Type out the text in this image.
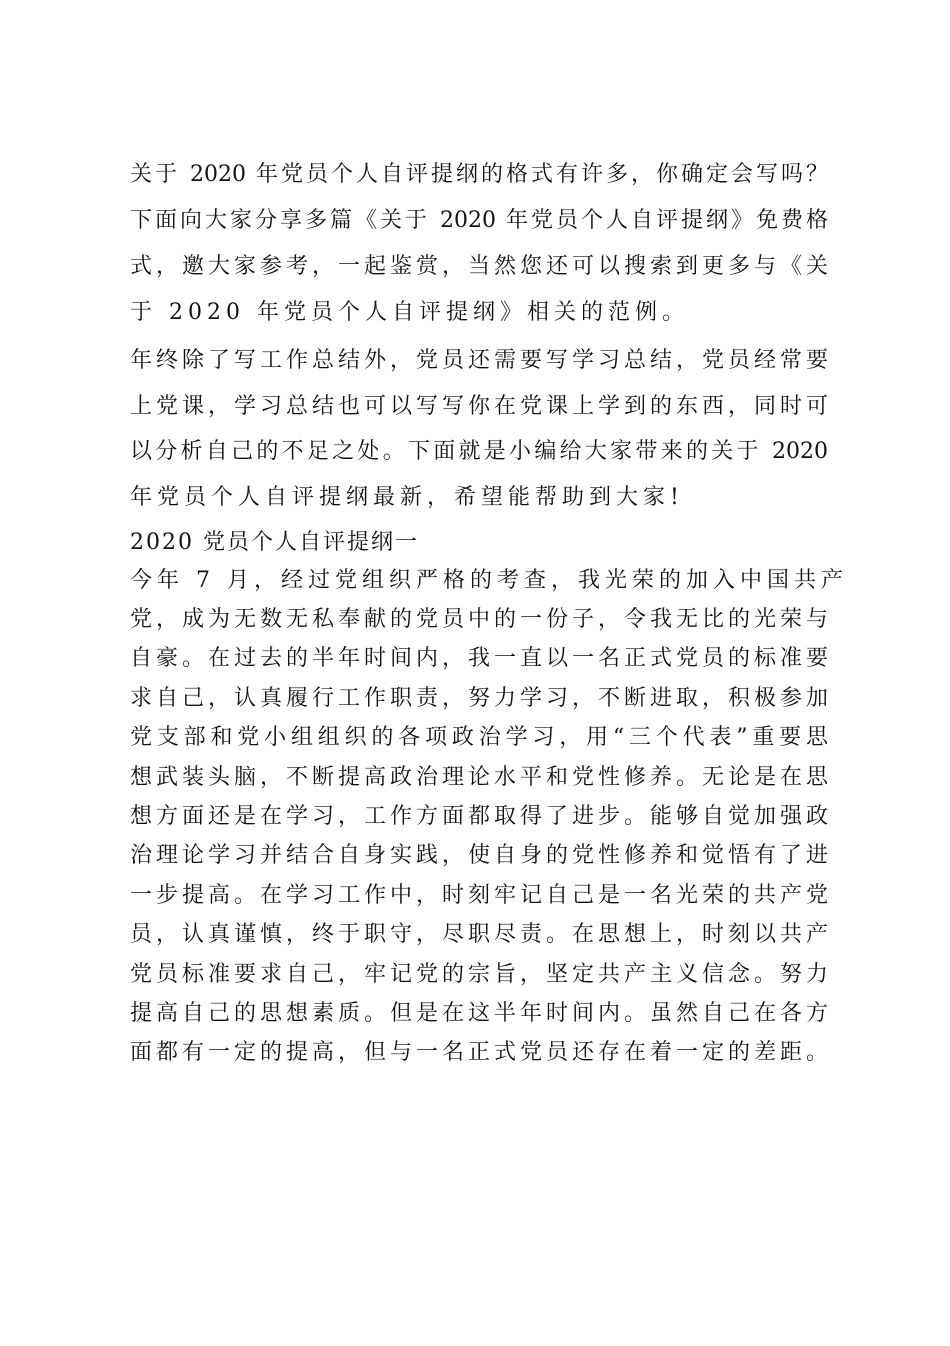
关于 2020 年党员个人自评提纲的格式有许多，你确定会写吗？
下面向大家分享多篇《关于 2020 年党员个人自评提纲》免费格
式，邀大家参考，一起鉴赏，当然您还可以搜索到更多与《关
于 2020 年党员个人自评提纲》相关的范例。
年终除了写工作总结外，党员还需要写学习总结，党员经常要
上党课，学习总结也可以写写你在党课上学到的东西，同时可
以分析自己的不足之处。下面就是小编给大家带来的关于 2020
年党员个人自评提纲最新，希望能帮助到大家!
2020 党员个人自评提纲一
今年 7 月，经过党组织严格的考查，我光荣的加入中国共产
党，成为无数无私奉献的党员中的一份子，令我无比的光荣与
自豪。在过去的半年时间内，我一直以一名正式党员的标准要
求自己，认真履行工作职责，努力学习，不断进取，积极参加
党支部和党小组组织的各项政治学习，用“三个代表”重要思
想武装头脑，不断提高政治理论水平和党性修养。无论是在思
想方面还是在学习，工作方面都取得了进步。能够自觉加强政
治理论学习并结合自身实践，使自身的党性修养和觉悟有了进
一步提高。在学习工作中，时刻牢记自己是一名光荣的共产党
员，认真谨慎，终于职守，尽职尽责。在思想上，时刻以共产
党员标准要求自己，牢记党的宗旨，坚定共产主义信念。努力
提高自己的思想素质。但是在这半年时间内。虽然自己在各方
面都有一定的提高，但与一名正式党员还存在着一定的差距。
